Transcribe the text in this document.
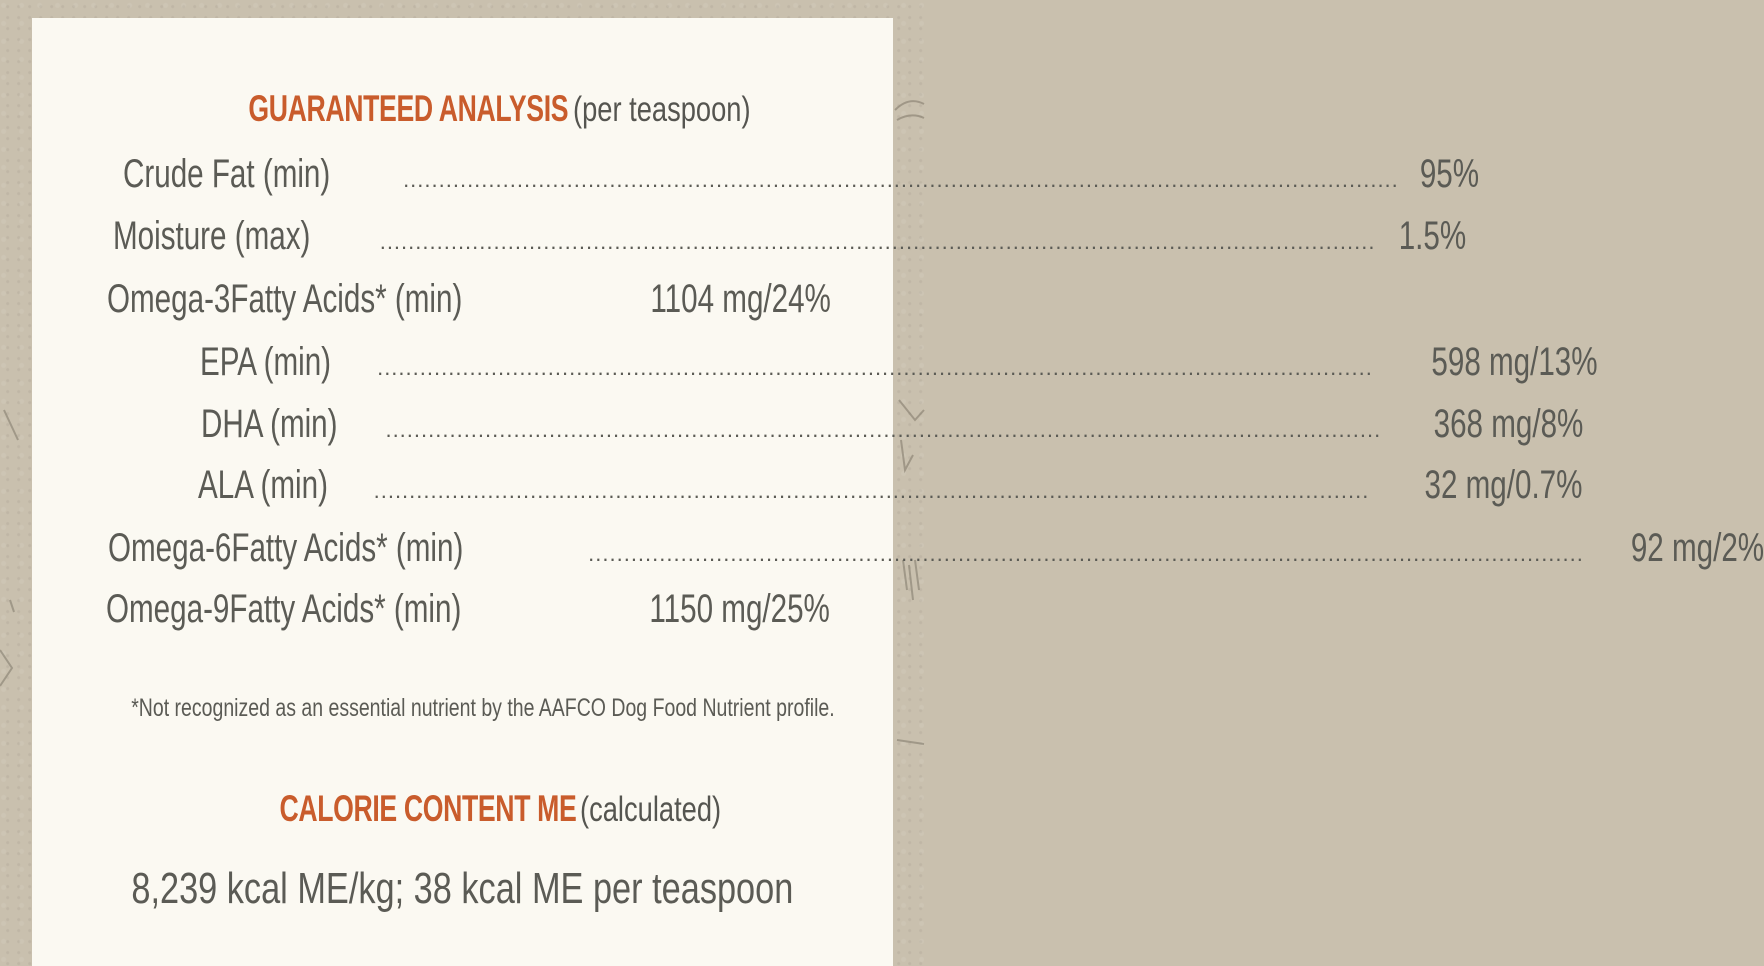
GUARANTEED ANALYSIS (per teaspoon)
Crude Fat (min)	............................................................................................................................................ 95%
Moisture (max)	............................................................................................................................................ 1.5%
Omega-3Fatty Acids* (min)	1104 mg/24%
EPA (min) ............................................................................................................................................ 598 mg/13%
DHA (min) ............................................................................................................................................ 368 mg/8%
ALA (min) ............................................................................................................................................ 32 mg/0.7%
Omega-6Fatty Acids* (min)	............................................................................................................................................ 92 mg/2%
Omega-9Fatty Acids* (min)	1150 mg/25%
*Not recognized as an essential nutrient by the AAFCO Dog Food Nutrient profile.
CALORIE CONTENT ME (calculated)
8,239 kcal ME/kg; 38 kcal ME per teaspoon
